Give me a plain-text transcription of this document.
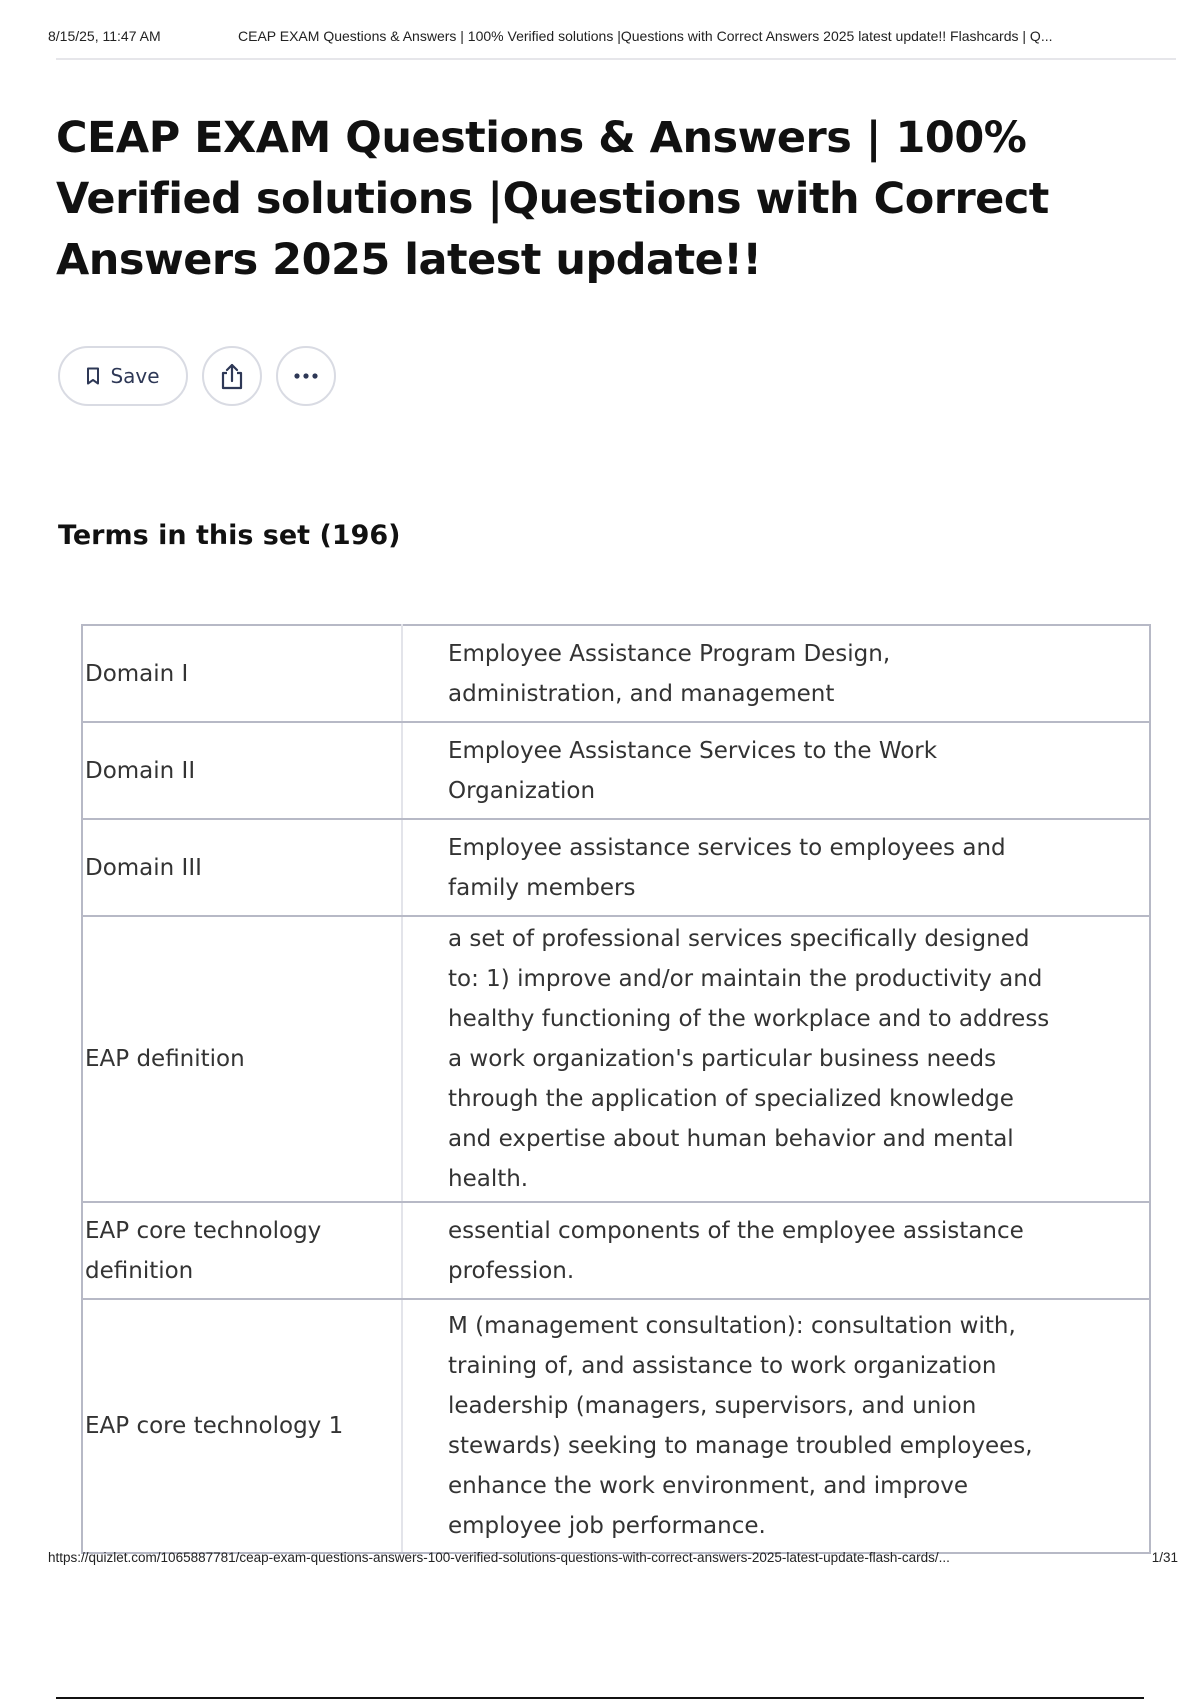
8/15/25, 11:47 AM	CEAP EXAM Questions & Answers | 100% Verified solutions |Questions with Correct Answers 2025 latest update!! Flashcards | Q...
CEAP EXAM Questions & Answers | 100% Verified solutions |Questions with Correct Answers 2025 latest update!!
Save
Terms in this set (196)
Domain I	Employee Assistance Program Design, administration, and management
Domain II	Employee Assistance Services to the Work Organization
Domain III	Employee assistance services to employees and family members
EAP definition	a set of professional services specifically designed to: 1) improve and/or maintain the productivity and healthy functioning of the workplace and to address a work organization's particular business needs through the application of specialized knowledge and expertise about human behavior and mental health.
EAP core technology definition	essential components of the employee assistance profession.
EAP core technology 1	M (management consultation): consultation with, training of, and assistance to work organization leadership (managers, supervisors, and union stewards) seeking to manage troubled employees, enhance the work environment, and improve employee job performance.
https://quizlet.com/1065887781/ceap-exam-questions-answers-100-verified-solutions-questions-with-correct-answers-2025-latest-update-flash-cards/...	1/31
